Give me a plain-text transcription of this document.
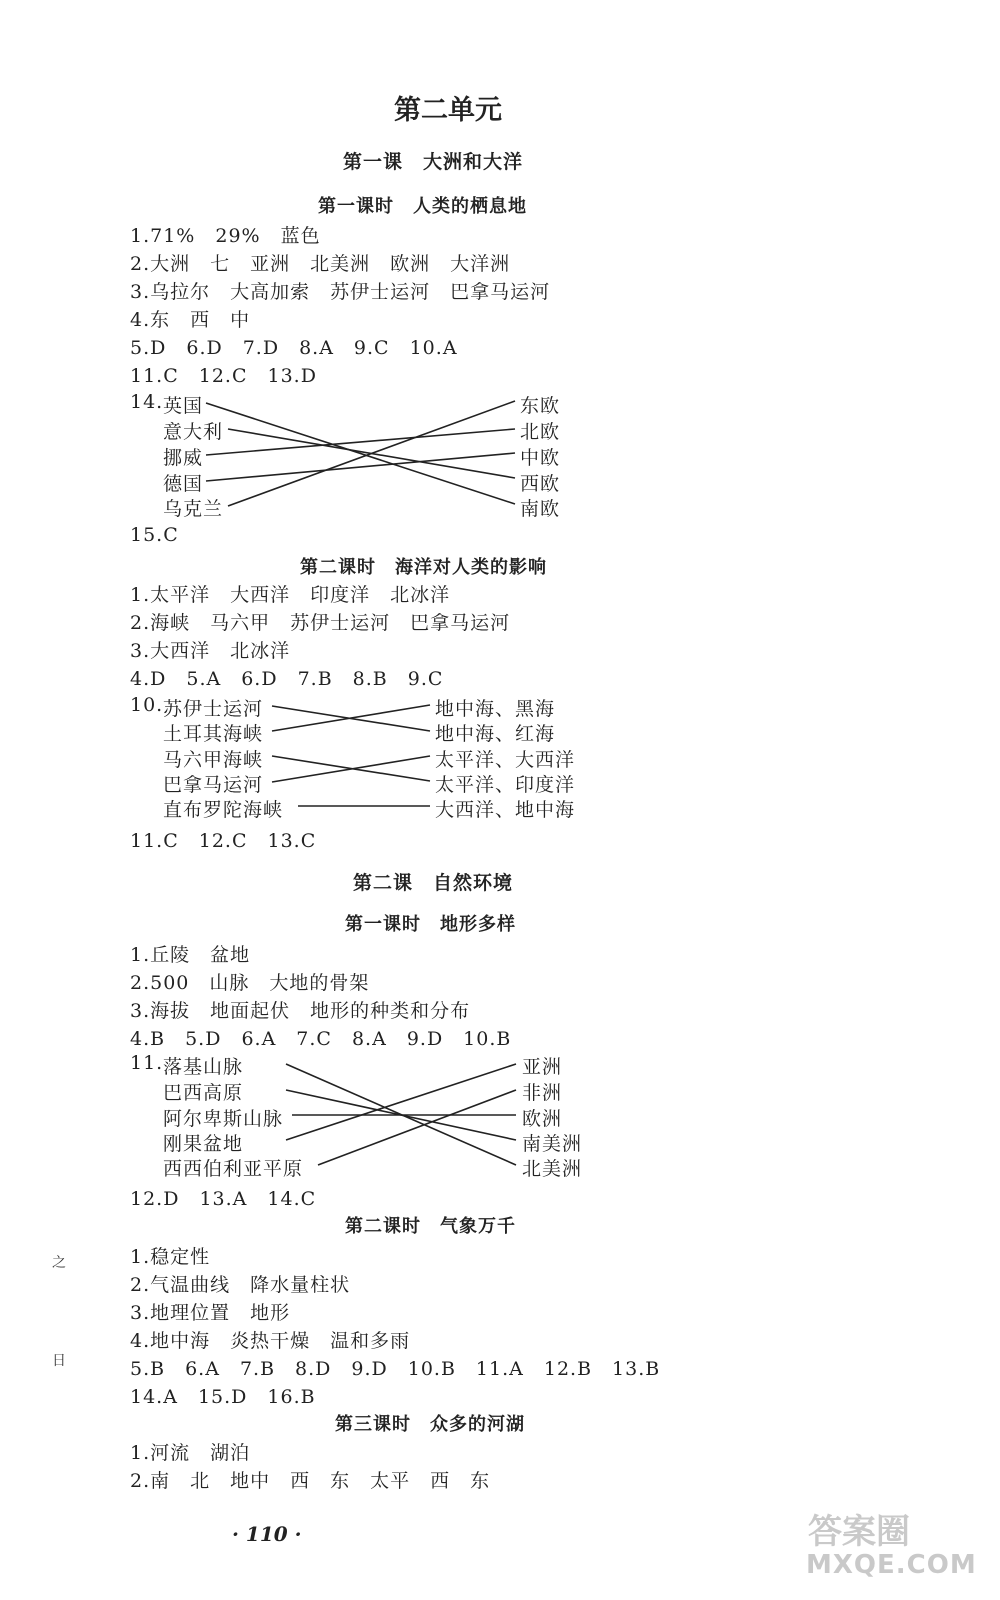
第二单元
第一课　大洲和大洋
第一课时　人类的栖息地
1.71%　29%　蓝色
2.大洲　七　亚洲　北美洲　欧洲　大洋洲
3.乌拉尔　大高加索　苏伊士运河　巴拿马运河
4.东　西　中
5.D　6.D　7.D　8.A　9.C　10.A
11.C　12.C　13.D
14. 英国
意大利
挪威
德国
乌克兰
东欧
北欧
中欧
西欧
南欧
15.C
第二课时　海洋对人类的影响
1.太平洋　大西洋　印度洋　北冰洋
2.海峡　马六甲　苏伊士运河　巴拿马运河
3.大西洋　北冰洋
4.D　5.A　6.D　7.B　8.B　9.C
10. 苏伊士运河
土耳其海峡
马六甲海峡
巴拿马运河
直布罗陀海峡
地中海、黑海
地中海、红海
太平洋、大西洋
太平洋、印度洋
大西洋、地中海
11.C　12.C　13.C
第二课　自然环境
第一课时　地形多样
1.丘陵　盆地
2.500　山脉　大地的骨架
3.海拔　地面起伏　地形的种类和分布
4.B　5.D　6.A　7.C　8.A　9.D　10.B
11. 落基山脉
巴西高原
阿尔卑斯山脉
刚果盆地
西西伯利亚平原
亚洲
非洲
欧洲
南美洲
北美洲
12.D　13.A　14.C
第二课时　气象万千
1.稳定性
2.气温曲线　降水量柱状
3.地理位置　地形
4.地中海　炎热干燥　温和多雨
5.B　6.A　7.B　8.D　9.D　10.B　11.A　12.B　13.B
14.A　15.D　16.B
第三课时　众多的河湖
1.河流　湖泊
2.南　北　地中　西　东　太平　西　东
之
日
· 110 ·	答案圈
MXQE.COM
